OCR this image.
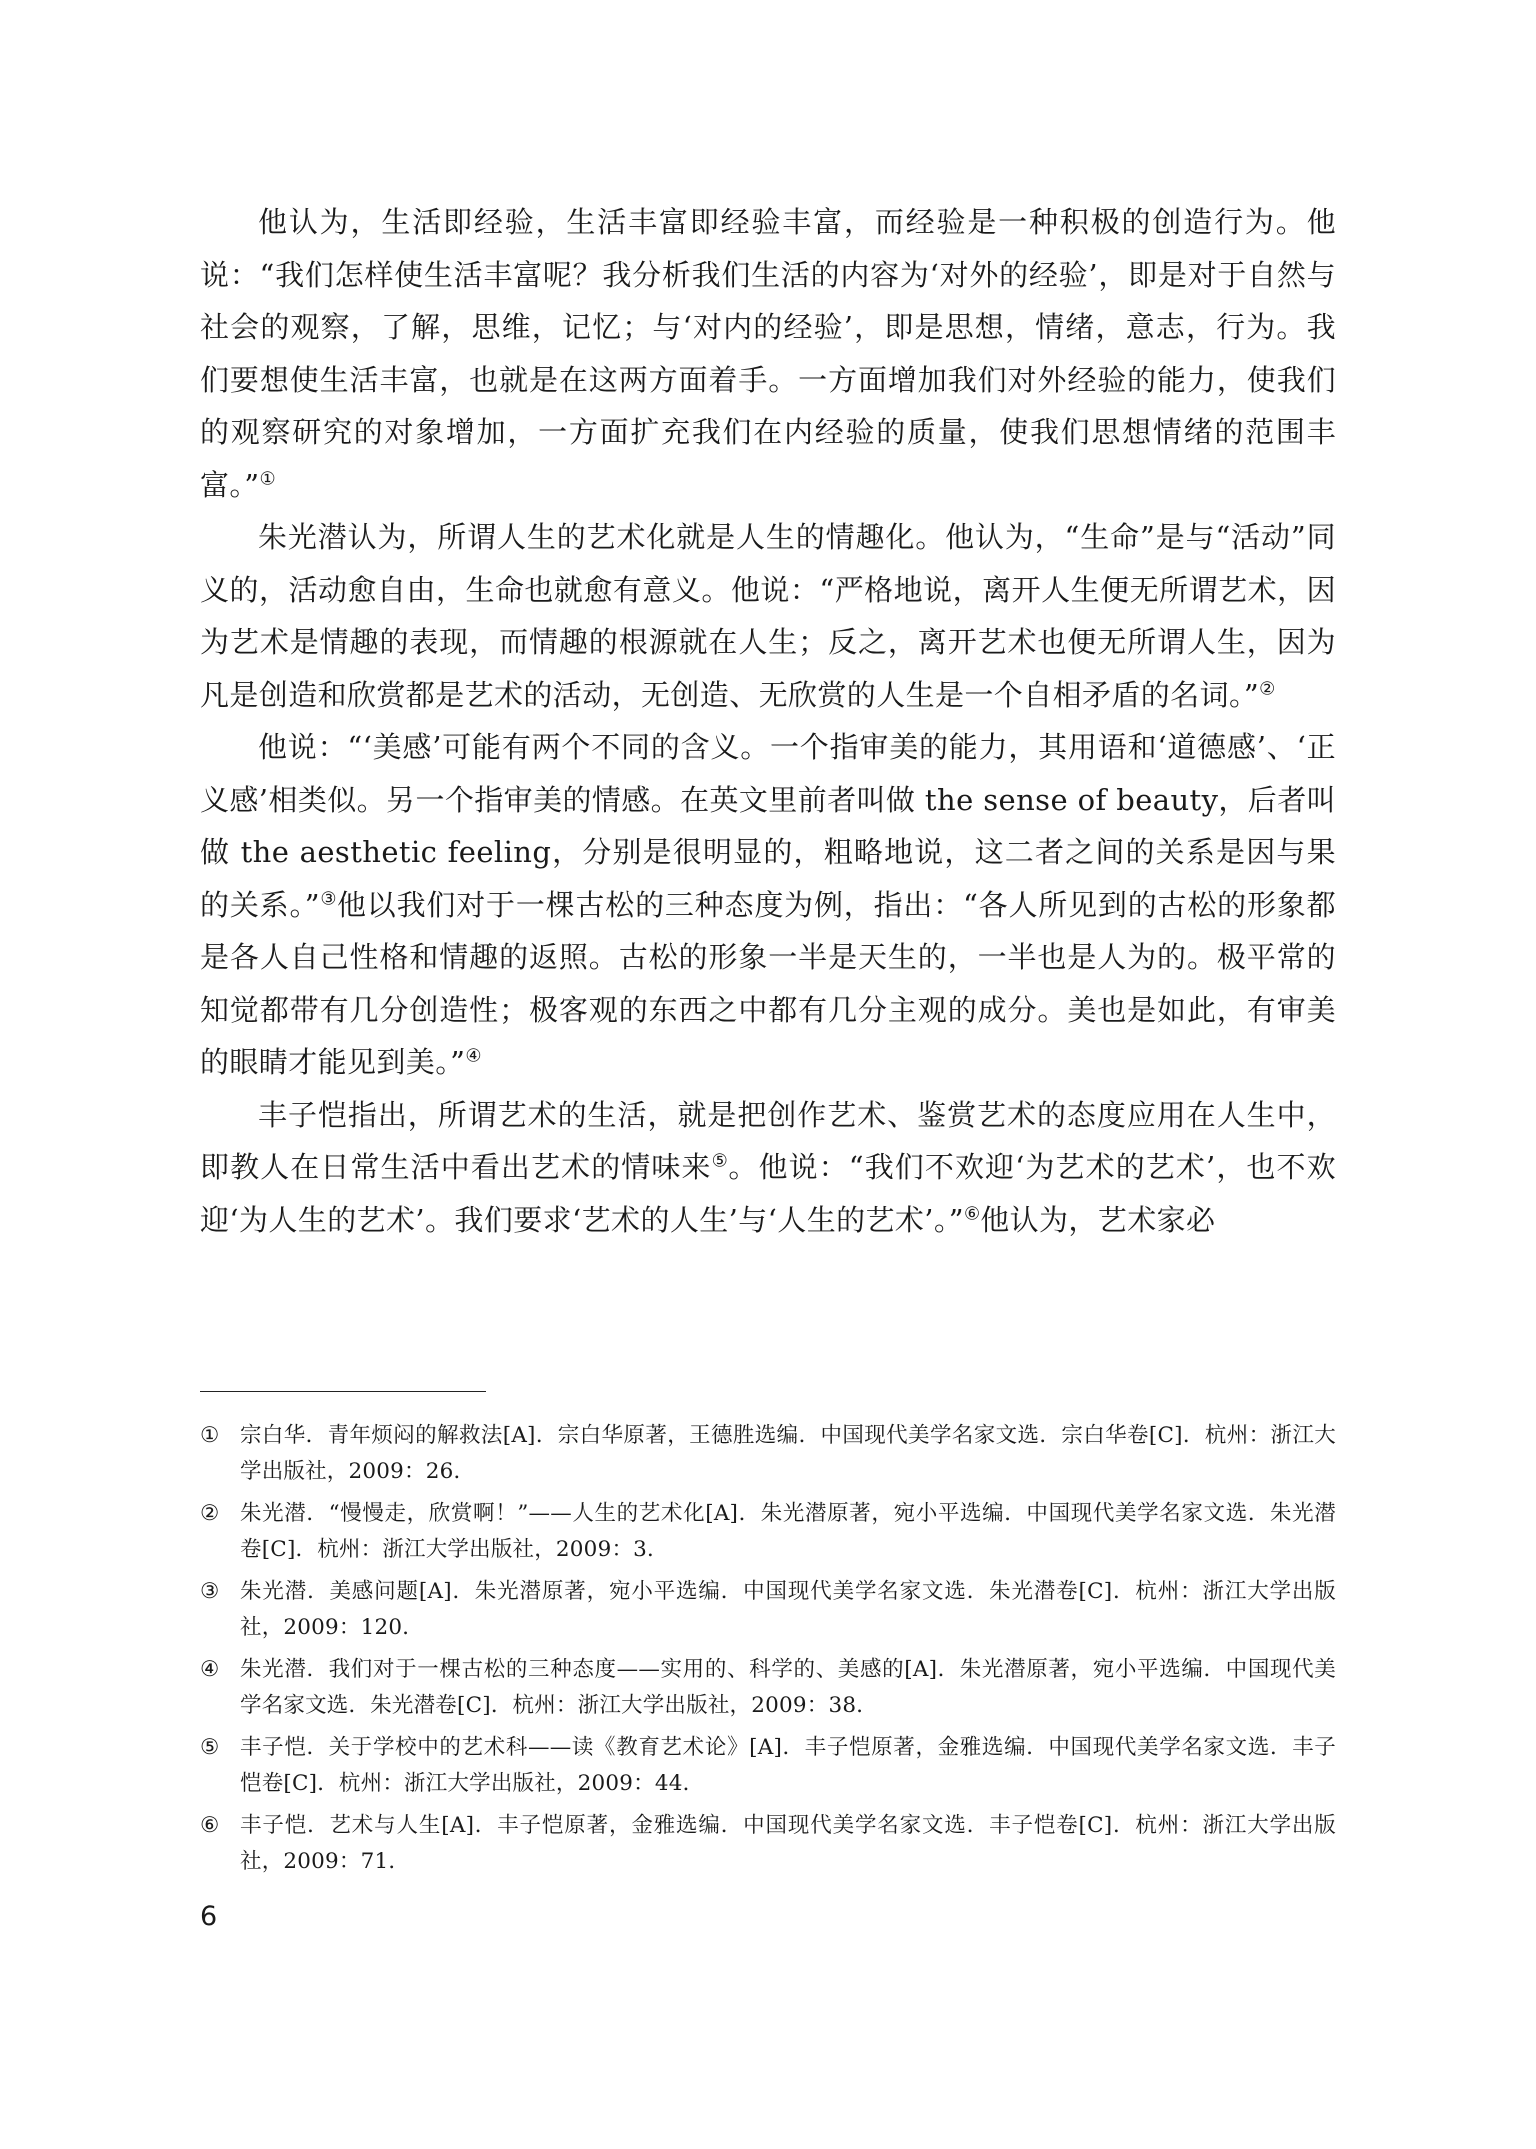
他认为，生活即经验，生活丰富即经验丰富，而经验是一种积极的创造行为。他说：“我们怎样使生活丰富呢？我分析我们生活的内容为‘对外的经验’，即是对于自然与社会的观察，了解，思维，记忆；与‘对内的经验’，即是思想，情绪，意志，行为。我们要想使生活丰富，也就是在这两方面着手。一方面增加我们对外经验的能力，使我们的观察研究的对象增加，一方面扩充我们在内经验的质量，使我们思想情绪的范围丰富。”①

朱光潜认为，所谓人生的艺术化就是人生的情趣化。他认为，“生命”是与“活动”同义的，活动愈自由，生命也就愈有意义。他说：“严格地说，离开人生便无所谓艺术，因为艺术是情趣的表现，而情趣的根源就在人生；反之，离开艺术也便无所谓人生，因为凡是创造和欣赏都是艺术的活动，无创造、无欣赏的人生是一个自相矛盾的名词。”②

他说：“‘美感’可能有两个不同的含义。一个指审美的能力，其用语和‘道德感’、‘正义感’相类似。另一个指审美的情感。在英文里前者叫做 the sense of beauty，后者叫做 the aesthetic feeling，分别是很明显的，粗略地说，这二者之间的关系是因与果的关系。”③他以我们对于一棵古松的三种态度为例，指出：“各人所见到的古松的形象都是各人自己性格和情趣的返照。古松的形象一半是天生的，一半也是人为的。极平常的知觉都带有几分创造性；极客观的东西之中都有几分主观的成分。美也是如此，有审美的眼睛才能见到美。”④

丰子恺指出，所谓艺术的生活，就是把创作艺术、鉴赏艺术的态度应用在人生中，即教人在日常生活中看出艺术的情味来⑤。他说：“我们不欢迎‘为艺术的艺术’，也不欢迎‘为人生的艺术’。我们要求‘艺术的人生’与‘人生的艺术’。”⑥他认为，艺术家必

① 宗白华．青年烦闷的解救法[A]．宗白华原著，王德胜选编．中国现代美学名家文选．宗白华卷[C]．杭州：浙江大学出版社，2009：26．
② 朱光潜．“慢慢走，欣赏啊！”——人生的艺术化[A]．朱光潜原著，宛小平选编．中国现代美学名家文选．朱光潜卷[C]．杭州：浙江大学出版社，2009：3．
③ 朱光潜．美感问题[A]．朱光潜原著，宛小平选编．中国现代美学名家文选．朱光潜卷[C]．杭州：浙江大学出版社，2009：120．
④ 朱光潜．我们对于一棵古松的三种态度——实用的、科学的、美感的[A]．朱光潜原著，宛小平选编．中国现代美学名家文选．朱光潜卷[C]．杭州：浙江大学出版社，2009：38．
⑤ 丰子恺．关于学校中的艺术科——读《教育艺术论》[A]．丰子恺原著，金雅选编．中国现代美学名家文选．丰子恺卷[C]．杭州：浙江大学出版社，2009：44．
⑥ 丰子恺．艺术与人生[A]．丰子恺原著，金雅选编．中国现代美学名家文选．丰子恺卷[C]．杭州：浙江大学出版社，2009：71．
6
